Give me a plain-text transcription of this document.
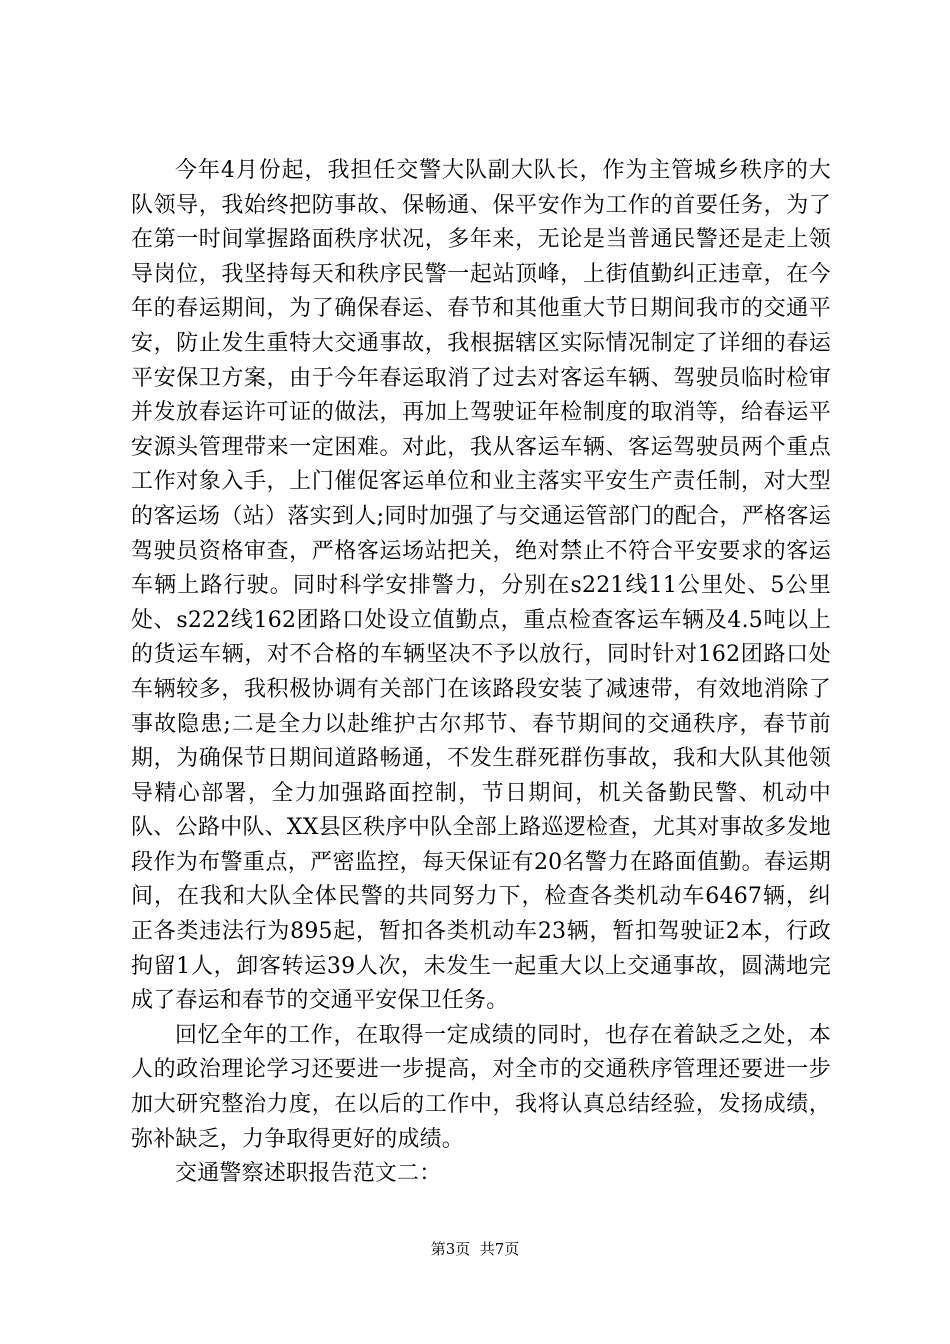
今年4月份起，我担任交警大队副大队长，作为主管城乡秩序的大队领导，我始终把防事故、保畅通、保平安作为工作的首要任务，为了在第一时间掌握路面秩序状况，多年来，无论是当普通民警还是走上领导岗位，我坚持每天和秩序民警一起站顶峰，上街值勤纠正违章，在今年的春运期间，为了确保春运、春节和其他重大节日期间我市的交通平安，防止发生重特大交通事故，我根据辖区实际情况制定了详细的春运平安保卫方案，由于今年春运取消了过去对客运车辆、驾驶员临时检审并发放春运许可证的做法，再加上驾驶证年检制度的取消等，给春运平安源头管理带来一定困难。对此，我从客运车辆、客运驾驶员两个重点工作对象入手，上门催促客运单位和业主落实平安生产责任制，对大型的客运场（站）落实到人;同时加强了与交通运管部门的配合，严格客运驾驶员资格审查，严格客运场站把关，绝对禁止不符合平安要求的客运车辆上路行驶。同时科学安排警力，分别在s221线11公里处、5公里处、s222线162团路口处设立值勤点，重点检查客运车辆及4.5吨以上的货运车辆，对不合格的车辆坚决不予以放行，同时针对162团路口处车辆较多，我积极协调有关部门在该路段安装了减速带，有效地消除了事故隐患;二是全力以赴维护古尔邦节、春节期间的交通秩序，春节前期，为确保节日期间道路畅通，不发生群死群伤事故，我和大队其他领导精心部署，全力加强路面控制，节日期间，机关备勤民警、机动中队、公路中队、XX县区秩序中队全部上路巡逻检查，尤其对事故多发地段作为布警重点，严密监控，每天保证有20名警力在路面值勤。春运期间，在我和大队全体民警的共同努力下，检查各类机动车6467辆，纠正各类违法行为895起，暂扣各类机动车23辆，暂扣驾驶证2本，行政拘留1人，卸客转运39人次，未发生一起重大以上交通事故，圆满地完成了春运和春节的交通平安保卫任务。

回忆全年的工作，在取得一定成绩的同时，也存在着缺乏之处，本人的政治理论学习还要进一步提高，对全市的交通秩序管理还要进一步加大研究整治力度，在以后的工作中，我将认真总结经验，发扬成绩，弥补缺乏，力争取得更好的成绩。

交通警察述职报告范文二：

第3页  共7页
